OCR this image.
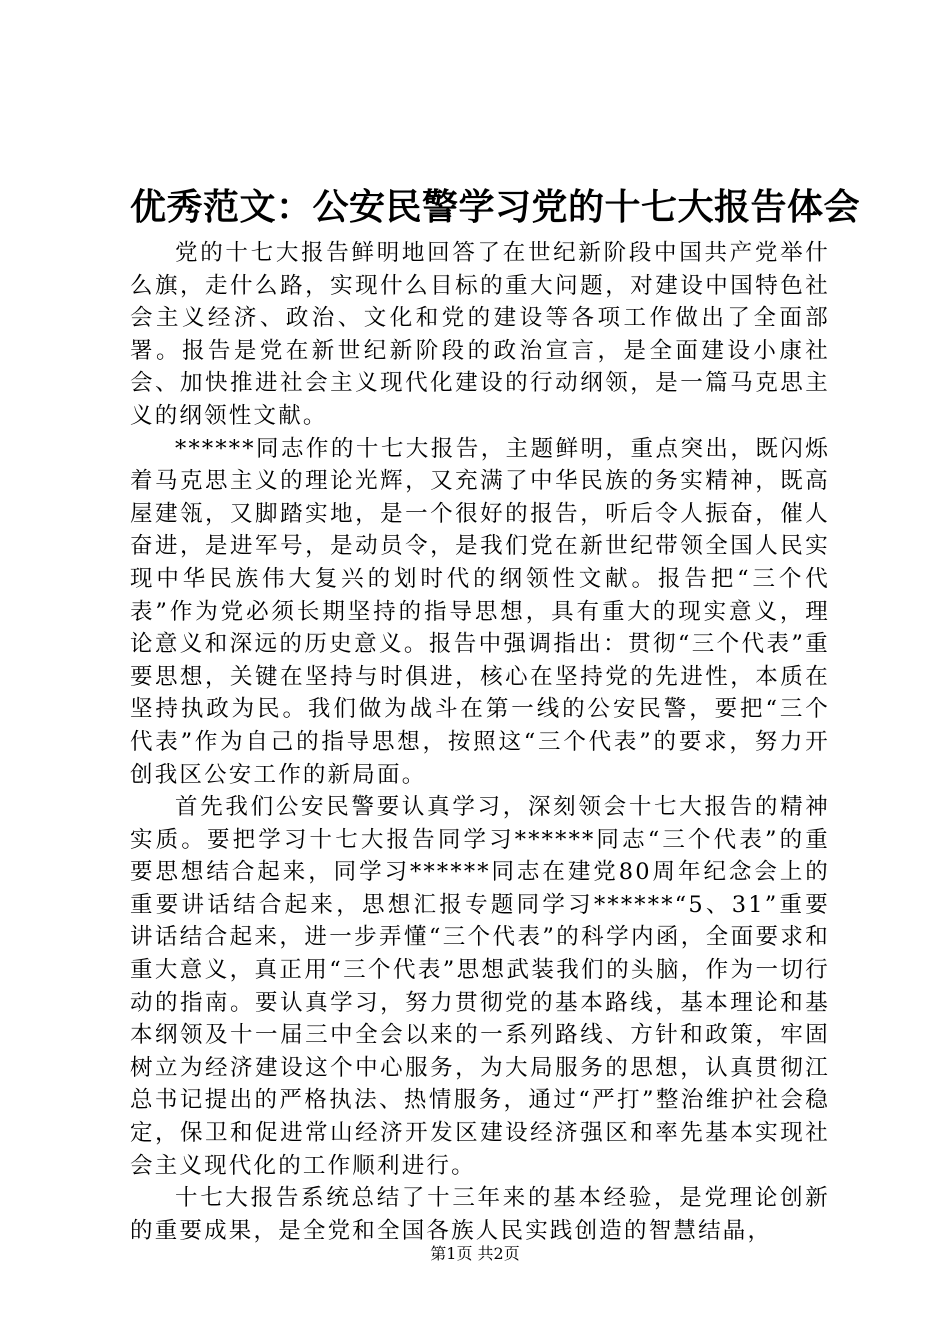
优秀范文：公安民警学习党的十七大报告体会

党的十七大报告鲜明地回答了在世纪新阶段中国共产党举什么旗，走什么路，实现什么目标的重大问题，对建设中国特色社会主义经济、政治、文化和党的建设等各项工作做出了全面部署。报告是党在新世纪新阶段的政治宣言，是全面建设小康社会、加快推进社会主义现代化建设的行动纲领，是一篇马克思主义的纲领性文献。

******同志作的十七大报告，主题鲜明，重点突出，既闪烁着马克思主义的理论光辉，又充满了中华民族的务实精神，既高屋建瓴，又脚踏实地，是一个很好的报告，听后令人振奋，催人奋进，是进军号，是动员令，是我们党在新世纪带领全国人民实现中华民族伟大复兴的划时代的纲领性文献。报告把“三个代表”作为党必须长期坚持的指导思想，具有重大的现实意义，理论意义和深远的历史意义。报告中强调指出：贯彻“三个代表”重要思想，关键在坚持与时俱进，核心在坚持党的先进性，本质在坚持执政为民。我们做为战斗在第一线的公安民警，要把“三个代表”作为自己的指导思想，按照这“三个代表”的要求，努力开创我区公安工作的新局面。

首先我们公安民警要认真学习，深刻领会十七大报告的精神实质。要把学习十七大报告同学习******同志“三个代表”的重要思想结合起来，同学习******同志在建党80周年纪念会上的重要讲话结合起来，思想汇报专题同学习******“5、31”重要讲话结合起来，进一步弄懂“三个代表”的科学内函，全面要求和重大意义，真正用“三个代表”思想武装我们的头脑，作为一切行动的指南。要认真学习，努力贯彻党的基本路线，基本理论和基本纲领及十一届三中全会以来的一系列路线、方针和政策，牢固树立为经济建设这个中心服务，为大局服务的思想，认真贯彻江总书记提出的严格执法、热情服务，通过“严打”整治维护社会稳定，保卫和促进常山经济开发区建设经济强区和率先基本实现社会主义现代化的工作顺利进行。

十七大报告系统总结了十三年来的基本经验，是党理论创新的重要成果，是全党和全国各族人民实践创造的智慧结晶，

第1页 共2页
